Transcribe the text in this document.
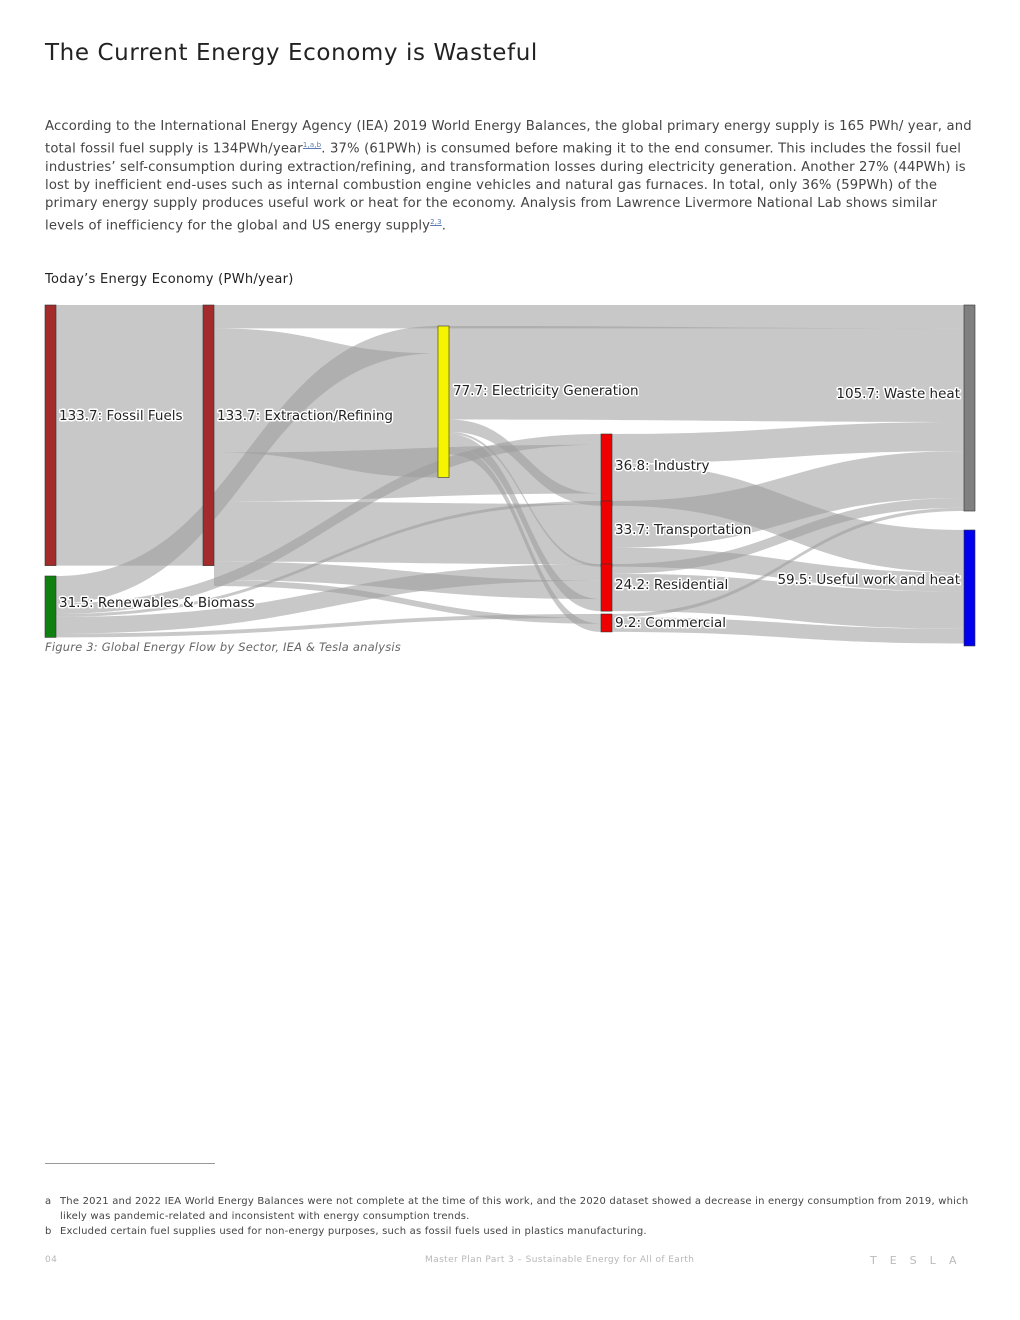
The Current Energy Economy is Wasteful
According to the International Energy Agency (IEA) 2019 World Energy Balances, the global primary energy supply is 165 PWh/ year, and total fossil fuel supply is 134PWh/year$^{1,a,b}$. 37% (61PWh) is consumed before making it to the end consumer. This includes the fossil fuel industries’ self-consumption during extraction/refining, and transformation losses during electricity generation. Another 27% (44PWh) is lost by inefficient end-uses such as internal combustion engine vehicles and natural gas furnaces. In total, only 36% (59PWh) of the primary energy supply produces useful work or heat for the economy. Analysis from Lawrence Livermore National Lab shows similar levels of inefficiency for the global and US energy supply$^{2,3}$.
Today’s Energy Economy (PWh/year)
133.7: Fossil Fuels
31.5: Renewables & Biomass
133.7: Extraction/Refining
77.7: Electricity Generation
36.8: Industry
33.7: Transportation
24.2: Residential
9.2: Commercial
105.7: Waste heat
59.5: Useful work and heat
Figure 3: Global Energy Flow by Sector, IEA & Tesla analysis
a The 2021 and 2022 IEA World Energy Balances were not complete at the time of this work, and the 2020 dataset showed a decrease in energy consumption from 2019, which likely was pandemic-related and inconsistent with energy consumption trends.
b Excluded certain fuel supplies used for non-energy purposes, such as fossil fuels used in plastics manufacturing.
04	Master Plan Part 3 – Sustainable Energy for All of Earth	TESLA
